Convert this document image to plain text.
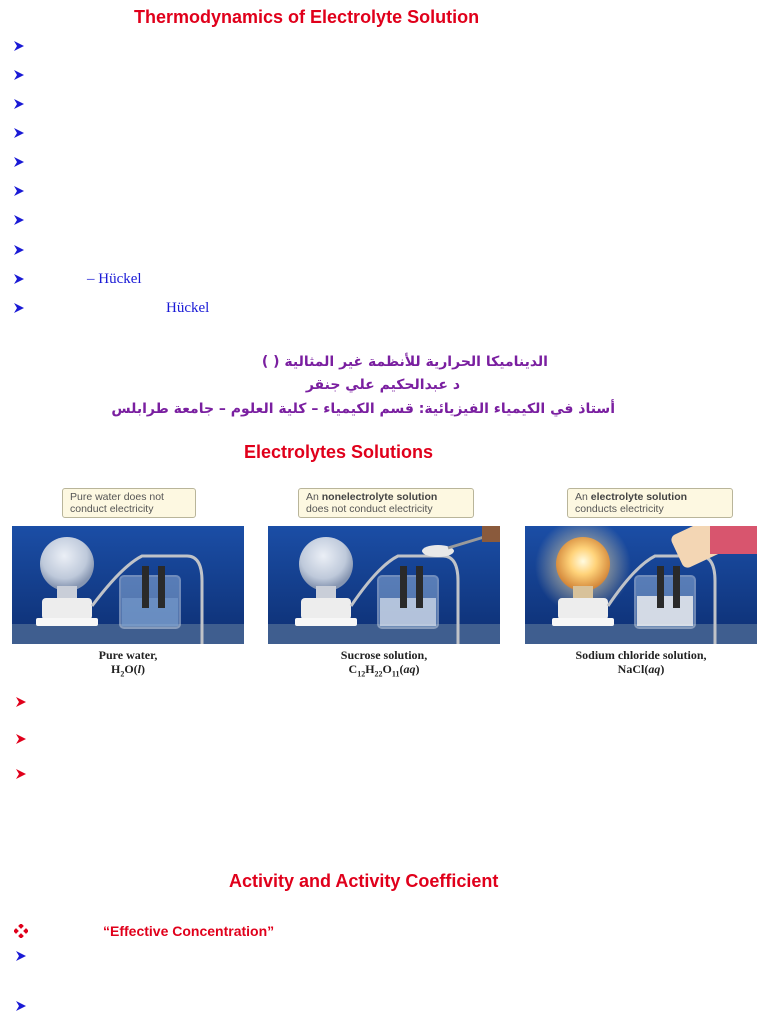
Thermodynamics of Electrolyte Solution
– Hückel
Hückel
الديناميكا الحرارية للأنظمة غير المثالية ( )
د عبدالحكيم علي جنقر
أستاذ في الكيمياء الفيزيائية: قسم الكيمياء – كلية العلوم – جامعة طرابلس
Electrolytes Solutions
Pure water does not conduct electricity
Pure water,
$H_2O(l)$
An nonelectrolyte solution
does not conduct electricity
Sucrose solution,
$C_{12}H_{22}O_{11}(aq)$
An electrolyte solution
conducts electricity
Sodium chloride solution,
NaCl(aq)
Activity and Activity Coefficient
“Effective Concentration”
